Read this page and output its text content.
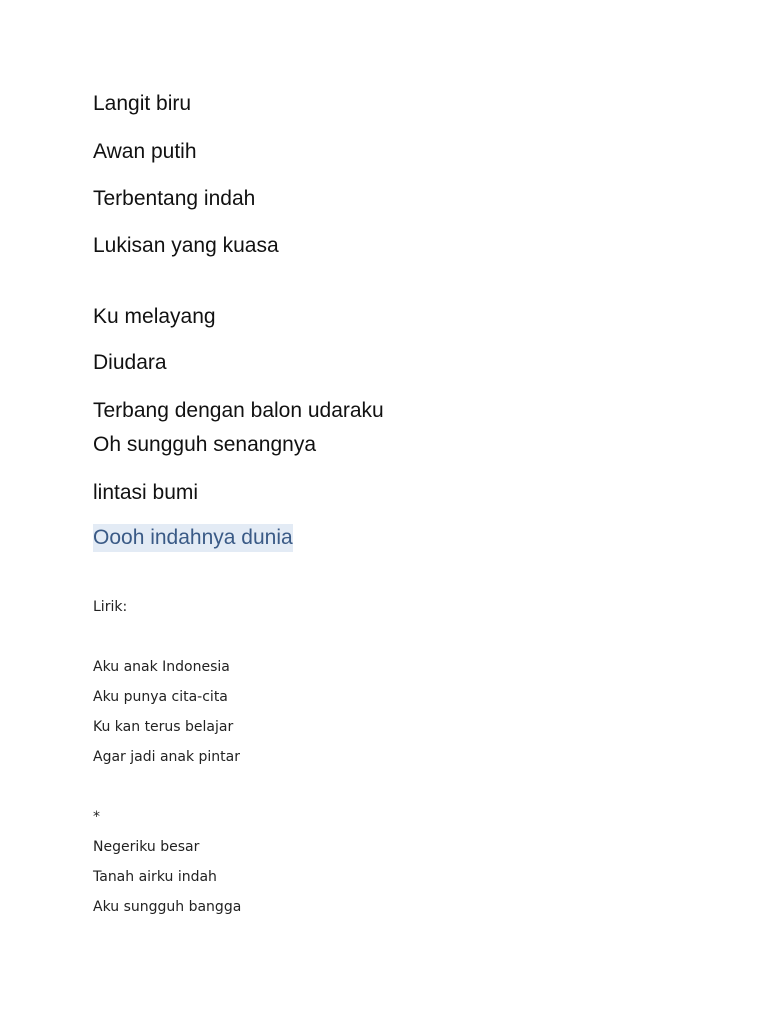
Langit biru
Awan putih
Terbentang indah
Lukisan yang kuasa
Ku melayang
Diudara
Terbang dengan balon udaraku
Oh sungguh senangnya
lintasi bumi
Oooh indahnya dunia
Lirik:
Aku anak Indonesia
Aku punya cita-cita
Ku kan terus belajar
Agar jadi anak pintar
*
Negeriku besar
Tanah airku indah
Aku sungguh bangga
